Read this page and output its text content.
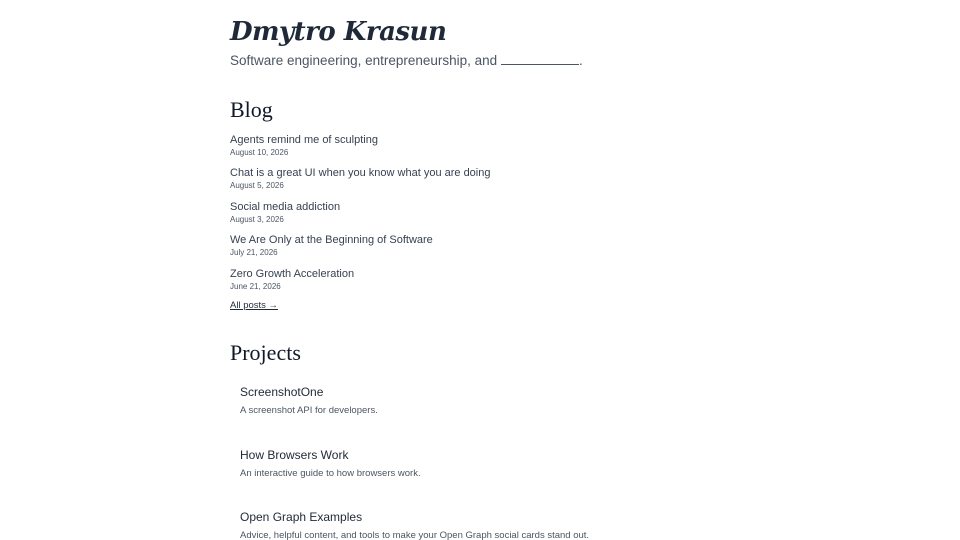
Dmytro Krasun

Software engineering, entrepreneurship, and	.

Blog
Agents remind me of sculpting
August 10, 2026
Chat is a great UI when you know what you are doing
August 5, 2026
Social media addiction
August 3, 2026
We Are Only at the Beginning of Software
July 21, 2026
Zero Growth Acceleration
June 21, 2026
All posts →
Projects
ScreenshotOne
A screenshot API for developers.
How Browsers Work
An interactive guide to how browsers work.
Open Graph Examples
Advice, helpful content, and tools to make your Open Graph social cards stand out.
